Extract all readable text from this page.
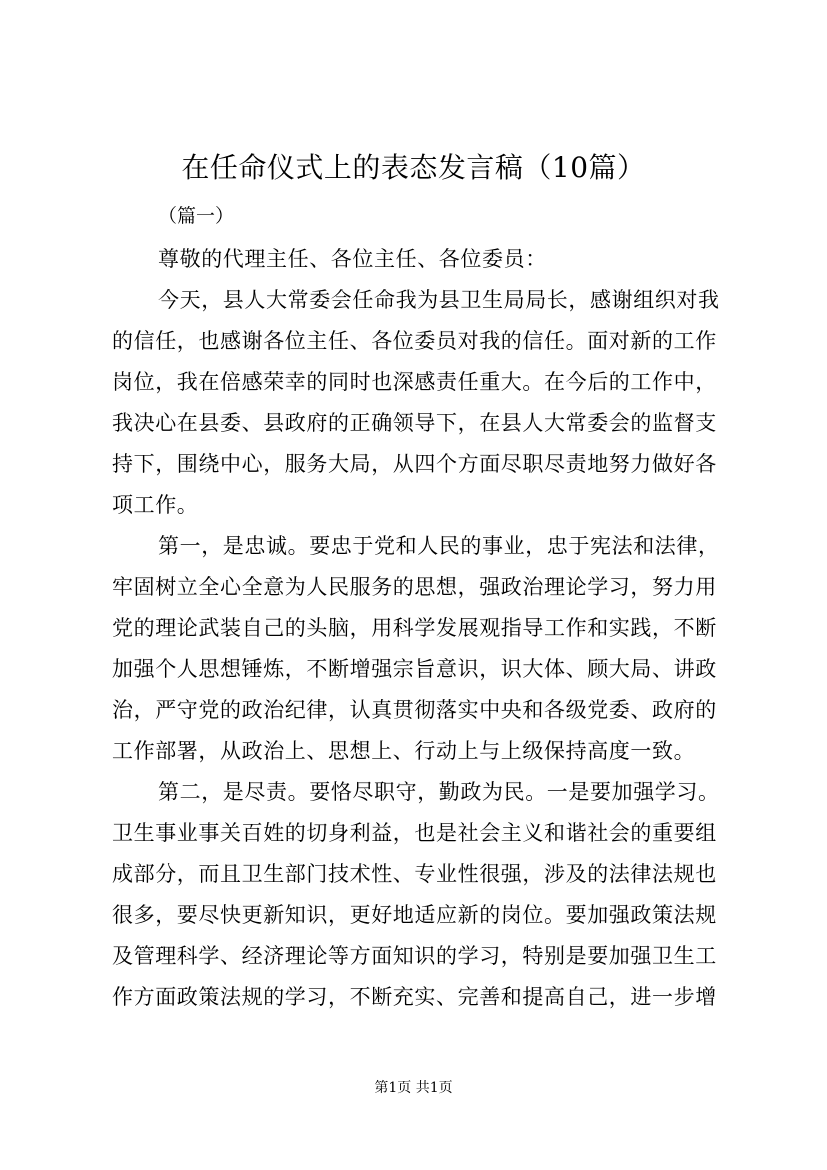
在任命仪式上的表态发言稿（10篇）
（篇一）
尊敬的代理主任、各位主任、各位委员：
今天，县人大常委会任命我为县卫生局局长，感谢组织对我
的信任，也感谢各位主任、各位委员对我的信任。面对新的工作
岗位，我在倍感荣幸的同时也深感责任重大。在今后的工作中，
我决心在县委、县政府的正确领导下，在县人大常委会的监督支
持下，围绕中心，服务大局，从四个方面尽职尽责地努力做好各
项工作。
第一，是忠诚。要忠于党和人民的事业，忠于宪法和法律，
牢固树立全心全意为人民服务的思想，强政治理论学习，努力用
党的理论武装自己的头脑，用科学发展观指导工作和实践，不断
加强个人思想锤炼，不断增强宗旨意识，识大体、顾大局、讲政
治，严守党的政治纪律，认真贯彻落实中央和各级党委、政府的
工作部署，从政治上、思想上、行动上与上级保持高度一致。
第二，是尽责。要恪尽职守，勤政为民。一是要加强学习。
卫生事业事关百姓的切身利益，也是社会主义和谐社会的重要组
成部分，而且卫生部门技术性、专业性很强，涉及的法律法规也
很多，要尽快更新知识，更好地适应新的岗位。要加强政策法规
及管理科学、经济理论等方面知识的学习，特别是要加强卫生工
作方面政策法规的学习，不断充实、完善和提高自己，进一步增
第1页 共1页
